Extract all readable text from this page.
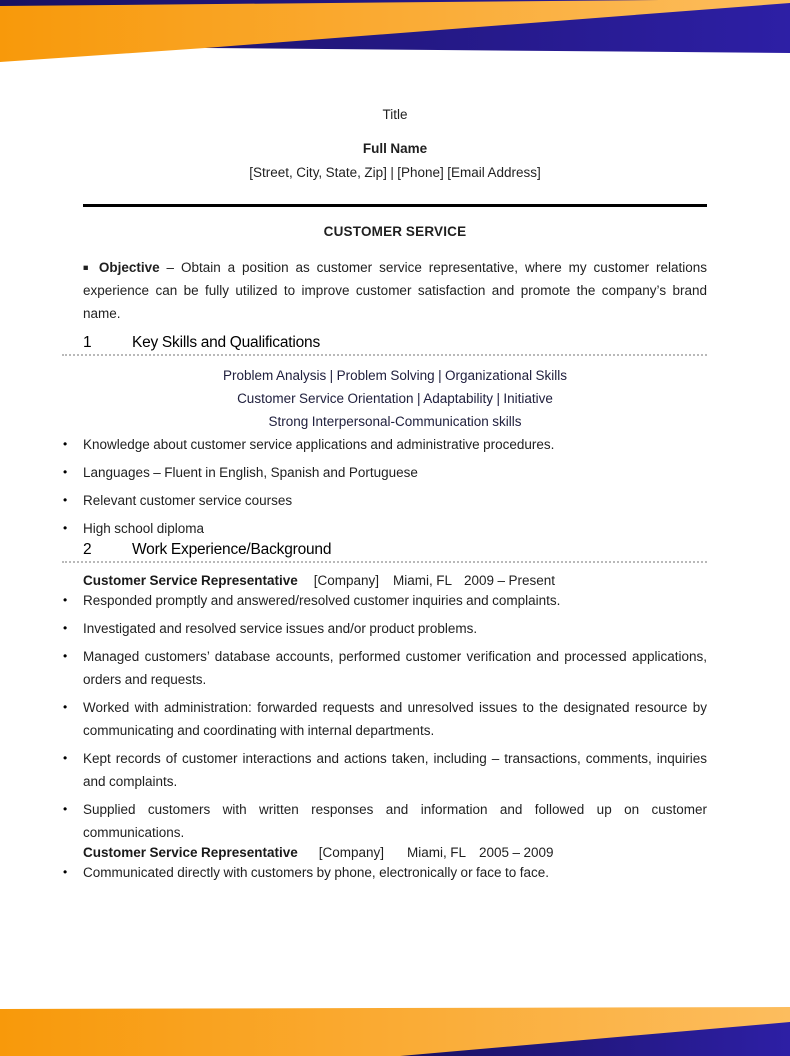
Title
Full Name
[Street, City, State, Zip] | [Phone] [Email Address]
CUSTOMER SERVICE

■ Objective – Obtain a position as customer service representative, where my customer relations experience can be fully utilized to improve customer satisfaction and promote the company’s brand name.

1	Key Skills and Qualifications
Problem Analysis | Problem Solving | Organizational Skills
Customer Service Orientation | Adaptability | Initiative
Strong Interpersonal-Communication skills
• Knowledge about customer service applications and administrative procedures.
• Languages – Fluent in English, Spanish and Portuguese
• Relevant customer service courses
• High school diploma
2	Work Experience/Background
Customer Service Representative [Company] Miami, FL 2009 – Present
• Responded promptly and answered/resolved customer inquiries and complaints.
• Investigated and resolved service issues and/or product problems.
• Managed customers’ database accounts, performed customer verification and processed applications, orders and requests.
• Worked with administration: forwarded requests and unresolved issues to the designated resource by communicating and coordinating with internal departments.
• Kept records of customer interactions and actions taken, including – transactions, comments, inquiries and complaints.
• Supplied customers with written responses and information and followed up on customer communications.
Customer Service Representative [Company] Miami, FL 2005 – 2009
• Communicated directly with customers by phone, electronically or face to face.
